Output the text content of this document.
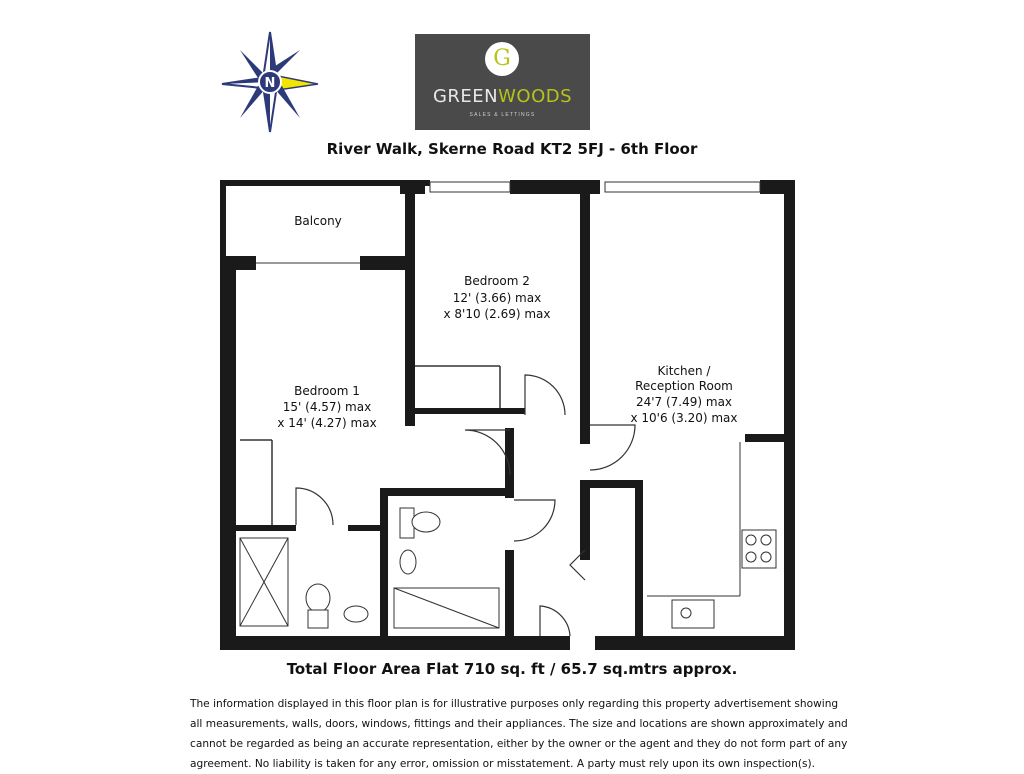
N
G
GREENWOODS
SALES & LETTINGS
River Walk, Skerne Road KT2 5FJ - 6th Floor
Balcony
Bedroom 2
12' (3.66) max
x 8'10 (2.69) max
Bedroom 1
15' (4.57) max
x 14' (4.27) max
Kitchen /
Reception Room
24'7 (7.49) max
x 10'6 (3.20) max
Total Floor Area Flat 710 sq. ft / 65.7 sq.mtrs approx.
The information displayed in this floor plan is for illustrative purposes only regarding this property advertisement showing
all measurements, walls, doors, windows, fittings and their appliances. The size and locations are shown approximately and
cannot be regarded as being an accurate representation, either by the owner or the agent and they do not form part of any
agreement. No liability is taken for any error, omission or misstatement. A party must rely upon its own inspection(s).
